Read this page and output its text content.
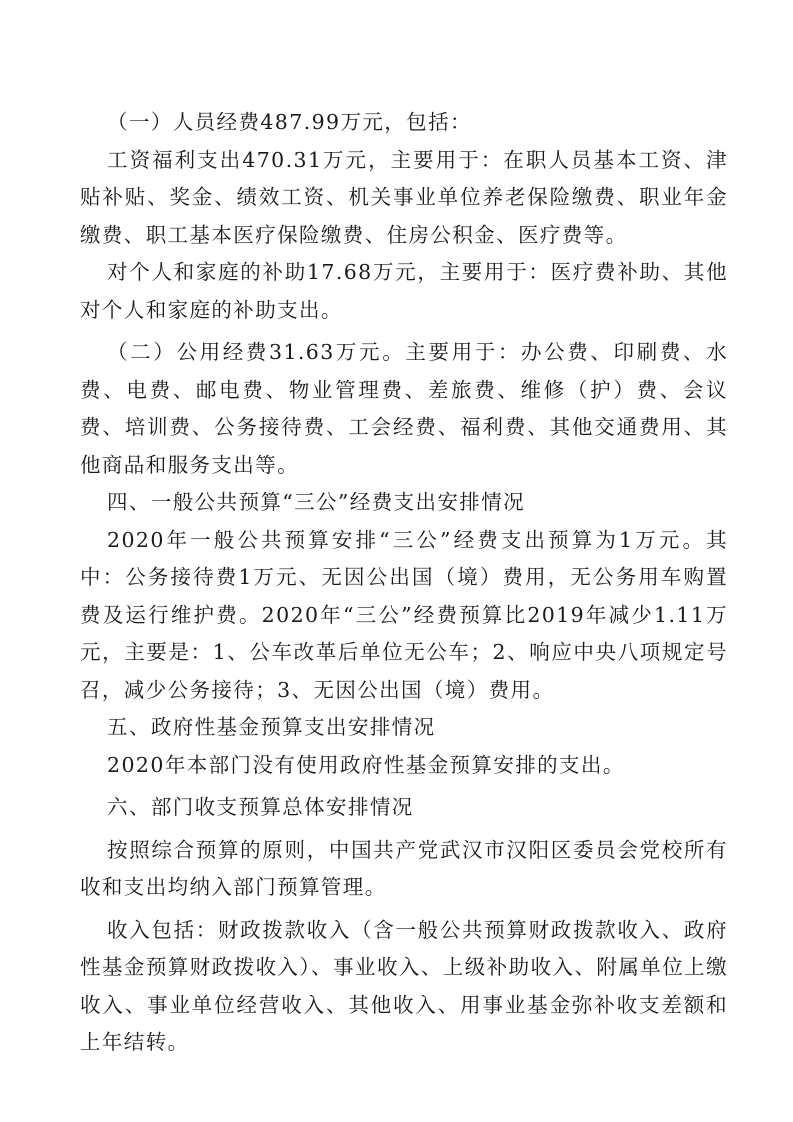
（一）人员经费487.99万元，包括：

工资福利支出470.31万元，主要用于：在职人员基本工资、津贴补贴、奖金、绩效工资、机关事业单位养老保险缴费、职业年金缴费、职工基本医疗保险缴费、住房公积金、医疗费等。

对个人和家庭的补助17.68万元，主要用于：医疗费补助、其他对个人和家庭的补助支出。

（二）公用经费31.63万元。主要用于：办公费、印刷费、水费、电费、邮电费、物业管理费、差旅费、维修（护）费、会议费、培训费、公务接待费、工会经费、福利费、其他交通费用、其他商品和服务支出等。

四、一般公共预算“三公”经费支出安排情况

2020年一般公共预算安排“三公”经费支出预算为1万元。其中：公务接待费1万元、无因公出国（境）费用，无公务用车购置费及运行维护费。2020年“三公”经费预算比2019年减少1.11万元，主要是：1、公车改革后单位无公车；2、响应中央八项规定号召，减少公务接待；3、无因公出国（境）费用。

五、政府性基金预算支出安排情况

2020年本部门没有使用政府性基金预算安排的支出。

六、部门收支预算总体安排情况

按照综合预算的原则，中国共产党武汉市汉阳区委员会党校所有收和支出均纳入部门预算管理。

收入包括：财政拨款收入（含一般公共预算财政拨款收入、政府性基金预算财政拨收入）、事业收入、上级补助收入、附属单位上缴收入、事业单位经营收入、其他收入、用事业基金弥补收支差额和上年结转。
